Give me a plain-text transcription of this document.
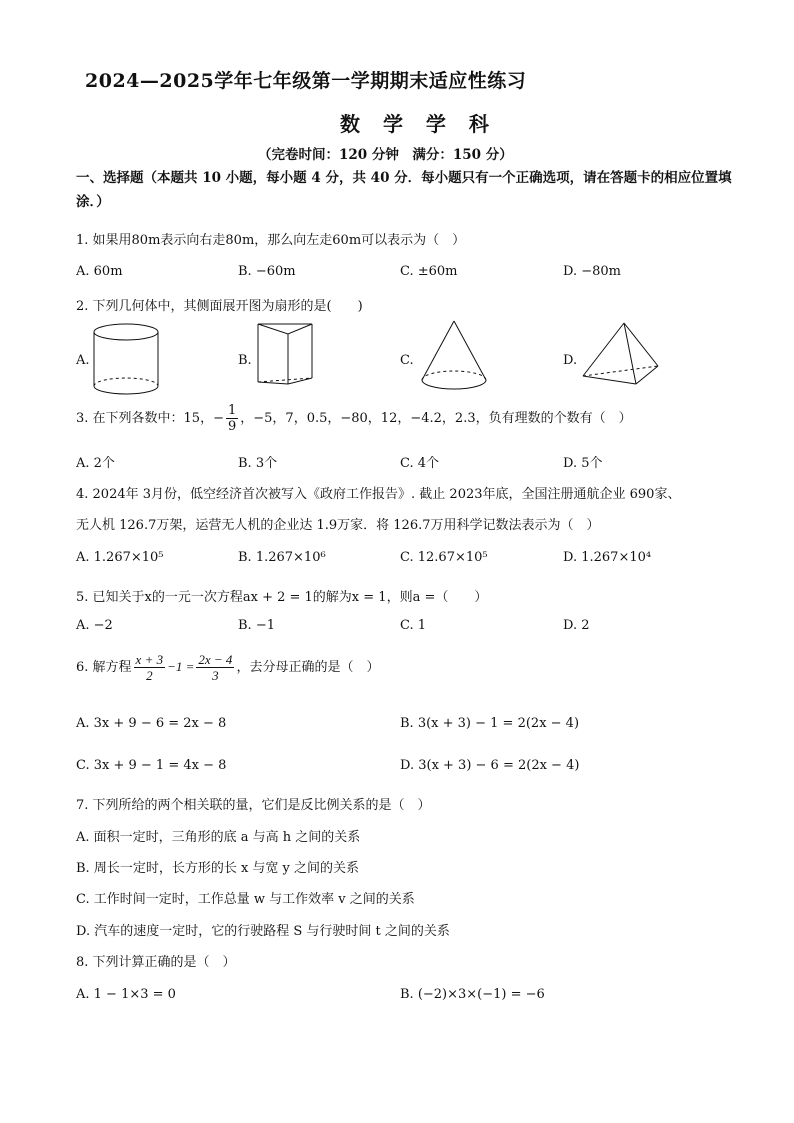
2024—2025学年七年级第一学期期末适应性练习
数 学 学 科
（完卷时间：120 分钟　满分：150 分）
一、选择题（本题共 10 小题，每小题 4 分，共 40 分．每小题只有一个正确选项，请在答题卡的相应位置填涂．）
1. 如果用80m表示向右走80m，那么向左走60m可以表示为（　）
A. 60m	B. −60m	C. ±60m	D. −80m
2. 下列几何体中，其侧面展开图为扇形的是(　　)
A.	B.	C.	D.
3. 在下列各数中：15，− $\frac{1}{9}$ ，−5，7，0.5，−80，12，−4.2，2.3，负有理数的个数有（　）
A. 2个	B. 3个	C. 4个	D. 5个
4. 2024年 3月份，低空经济首次被写入《政府工作报告》. 截止 2023年底，全国注册通航企业 690家、
无人机 126.7万架，运营无人机的企业达 1.9万家．将 126.7万用科学记数法表示为（　）
A. 1.267×10⁵	B. 1.267×10⁶	C. 12.67×10⁵	D. 1.267×10⁴
5. 已知关于x的一元一次方程ax + 2 = 1的解为x = 1，则a =（　　）
A. −2	B. −1	C. 1	D. 2
6. 解方程 $\frac{x + 3}{2} -1 = \frac{2x - 4}{3}$ ，去分母正确的是（　）
A. 3x + 9 − 6 = 2x − 8	B. 3(x + 3) − 1 = 2(2x − 4)
C. 3x + 9 − 1 = 4x − 8	D. 3(x + 3) − 6 = 2(2x − 4)
7. 下列所给的两个相关联的量，它们是反比例关系的是（　）
A. 面积一定时，三角形的底 a 与高 h 之间的关系
B. 周长一定时，长方形的长 x 与宽 y 之间的关系
C. 工作时间一定时，工作总量 w 与工作效率 v 之间的关系
D. 汽车的速度一定时，它的行驶路程 S 与行驶时间 t 之间的关系
8. 下列计算正确的是（　）
A. 1 − 1×3 = 0	B. (−2)×3×(−1) = −6
